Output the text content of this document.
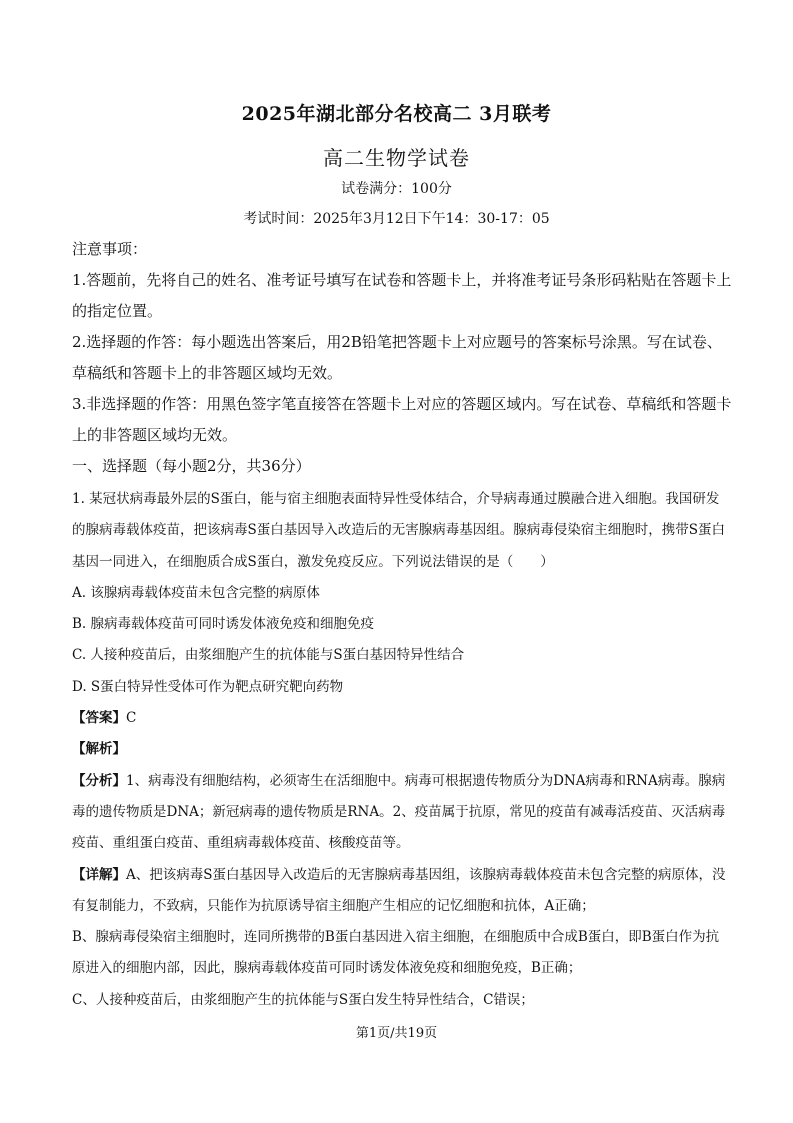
2025年湖北部分名校高二 3月联考
高二生物学试卷
试卷满分：100分
考试时间：2025年3月12日下午14：30-17：05

注意事项：

1.答题前，先将自己的姓名、准考证号填写在试卷和答题卡上，并将准考证号条形码粘贴在答题卡上的指定位置。

2.选择题的作答：每小题选出答案后，用2B铅笔把答题卡上对应题号的答案标号涂黑。写在试卷、草稿纸和答题卡上的非答题区域均无效。

3.非选择题的作答：用黑色签字笔直接答在答题卡上对应的答题区域内。写在试卷、草稿纸和答题卡上的非答题区域均无效。

一、选择题（每小题2分，共36分）

1. 某冠状病毒最外层的S蛋白，能与宿主细胞表面特异性受体结合，介导病毒通过膜融合进入细胞。我国研发的腺病毒载体疫苗，把该病毒S蛋白基因导入改造后的无害腺病毒基因组。腺病毒侵染宿主细胞时，携带S蛋白基因一同进入，在细胞质合成S蛋白，激发免疫反应。下列说法错误的是（　　）

A. 该腺病毒载体疫苗未包含完整的病原体

B. 腺病毒载体疫苗可同时诱发体液免疫和细胞免疫

C. 人接种疫苗后，由浆细胞产生的抗体能与S蛋白基因特异性结合

D. S蛋白特异性受体可作为靶点研究靶向药物

【答案】C

【解析】

【分析】1、病毒没有细胞结构，必须寄生在活细胞中。病毒可根据遗传物质分为DNA病毒和RNA病毒。腺病毒的遗传物质是DNA；新冠病毒的遗传物质是RNA。2、疫苗属于抗原，常见的疫苗有减毒活疫苗、灭活病毒疫苗、重组蛋白疫苗、重组病毒载体疫苗、核酸疫苗等。

【详解】A、把该病毒S蛋白基因导入改造后的无害腺病毒基因组，该腺病毒载体疫苗未包含完整的病原体，没有复制能力，不致病，只能作为抗原诱导宿主细胞产生相应的记忆细胞和抗体，A正确；

B、腺病毒侵染宿主细胞时，连同所携带的B蛋白基因进入宿主细胞，在细胞质中合成B蛋白，即B蛋白作为抗原进入的细胞内部，因此，腺病毒载体疫苗可同时诱发体液免疫和细胞免疫，B正确；

C、人接种疫苗后，由浆细胞产生的抗体能与S蛋白发生特异性结合，C错误；

第1页/共19页
